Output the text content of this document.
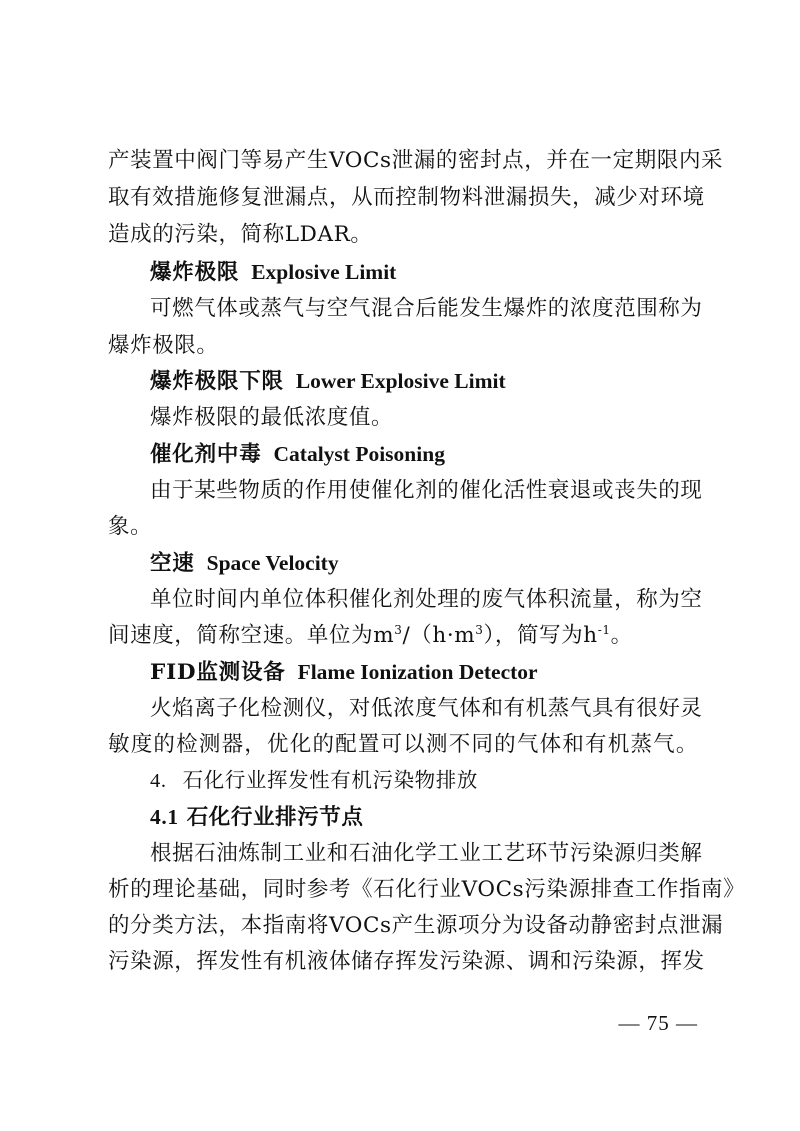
产装置中阀门等易产生VOCs泄漏的密封点，并在一定期限内采
取有效措施修复泄漏点，从而控制物料泄漏损失，减少对环境
造成的污染，简称LDAR。
爆炸极限 Explosive Limit
可燃气体或蒸气与空气混合后能发生爆炸的浓度范围称为
爆炸极限。
爆炸极限下限 Lower Explosive Limit
爆炸极限的最低浓度值。
催化剂中毒 Catalyst Poisoning
由于某些物质的作用使催化剂的催化活性衰退或丧失的现
象。
空速 Space Velocity
单位时间内单位体积催化剂处理的废气体积流量，称为空
间速度，简称空速。单位为$m^3/(h\cdot m^3)$，简写为$h^{-1}$。
FID监测设备 Flame Ionization Detector
火焰离子化检测仪，对低浓度气体和有机蒸气具有很好灵
敏度的检测器，优化的配置可以测不同的气体和有机蒸气。
4. 石化行业挥发性有机污染物排放
4.1 石化行业排污节点
根据石油炼制工业和石油化学工业工艺环节污染源归类解
析的理论基础，同时参考《石化行业VOCs污染源排查工作指南》
的分类方法，本指南将VOCs产生源项分为设备动静密封点泄漏
污染源，挥发性有机液体储存挥发污染源、调和污染源，挥发
— 75 —
